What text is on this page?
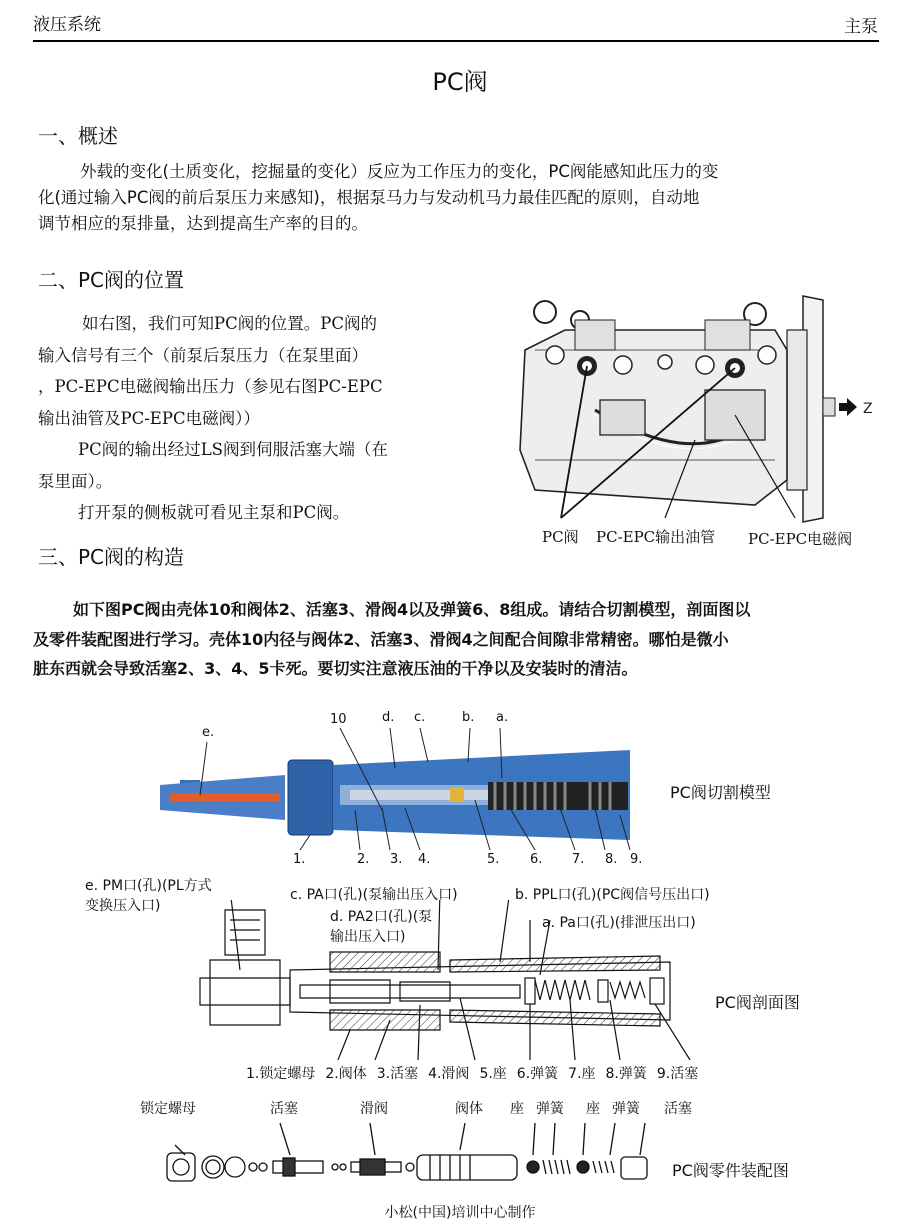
液压系统	主泵
PC阀
一、概述
外载的变化(土质变化，挖掘量的变化）反应为工作压力的变化，PC阀能感知此压力的变
化(通过输入PC阀的前后泵压力来感知)，根据泵马力与发动机马力最佳匹配的原则，自动地
调节相应的泵排量，达到提高生产率的目的。
二、PC阀的位置
如右图，我们可知PC阀的位置。PC阀的
输入信号有三个（前泵后泵压力（在泵里面）
，PC-EPC电磁阀输出压力（参见右图PC-EPC
输出油管及PC-EPC电磁阀））
PC阀的输出经过LS阀到伺服活塞大端（在
泵里面）。
打开泵的侧板就可看见主泵和PC阀。
Z
PC阀 PC-EPC输出油管 PC-EPC电磁阀
三、PC阀的构造
如下图PC阀由壳体10和阀体2、活塞3、滑阀4以及弹簧6、8组成。请结合切割模型，剖面图以
及零件装配图进行学习。壳体10内径与阀体2、活塞3、滑阀4之间配合间隙非常精密。哪怕是微小
脏东西就会导致活塞2、3、4、5卡死。要切实注意液压油的干净以及安装时的清洁。
e.
10	d. c.	b. a.
1.	2. 3. 4.	5. 6. 7. 8. 9.
PC阀切割模型
e. PM口(孔)(PL方式
变换压入口)
c. PA口(孔)(泵输出压入口)	b. PPL口(孔)(PC阀信号压出口)
d. PA2口(孔)(泵
输出压入口)
a. Pa口(孔)(排泄压出口)
PC阀剖面图
1.锁定螺母 2.阀体 3.活塞 4.滑阀 5.座 6.弹簧 7.座 8.弹簧 9.活塞
锁定螺母	活塞	滑阀	阀体 座 弹簧 座 弹簧 活塞
PC阀零件装配图
小松(中国)培训中心制作
